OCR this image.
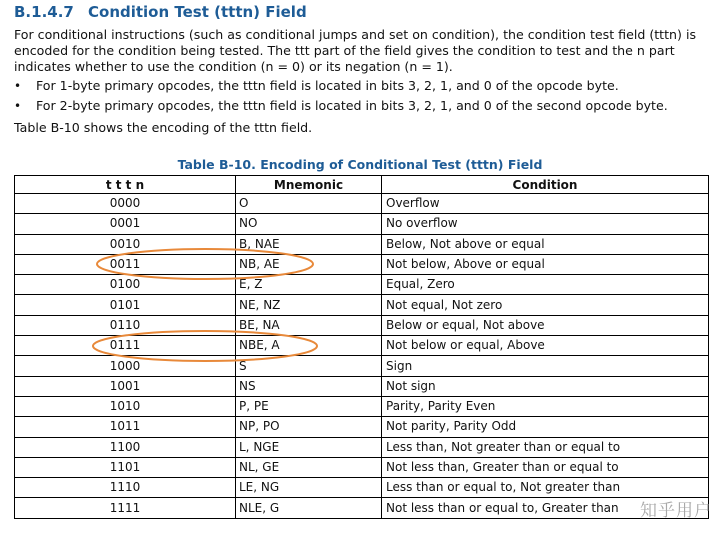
B.1.4.7 Condition Test (tttn) Field
For conditional instructions (such as conditional jumps and set on condition), the condition test field (tttn) is encoded for the condition being tested. The ttt part of the field gives the condition to test and the n part indicates whether to use the condition (n = 0) or its negation (n = 1).
• For 1-byte primary opcodes, the tttn field is located in bits 3, 2, 1, and 0 of the opcode byte.
• For 2-byte primary opcodes, the tttn field is located in bits 3, 2, 1, and 0 of the second opcode byte.
Table B-10 shows the encoding of the tttn field.
Table B-10. Encoding of Conditional Test (tttn) Field
t t t n	Mnemonic	Condition
0000	O	Overflow
0001	NO	No overflow
0010	B, NAE	Below, Not above or equal
0011	NB, AE	Not below, Above or equal
0100	E, Z	Equal, Zero
0101	NE, NZ	Not equal, Not zero
0110	BE, NA	Below or equal, Not above
0111	NBE, A	Not below or equal, Above
1000	S	Sign
1001	NS	Not sign
1010	P, PE	Parity, Parity Even
1011	NP, PO	Not parity, Parity Odd
1100	L, NGE	Less than, Not greater than or equal to
1101	NL, GE	Not less than, Greater than or equal to
1110	LE, NG	Less than or equal to, Not greater than
1111	NLE, G	Not less than or equal to, Greater than 知乎用户
